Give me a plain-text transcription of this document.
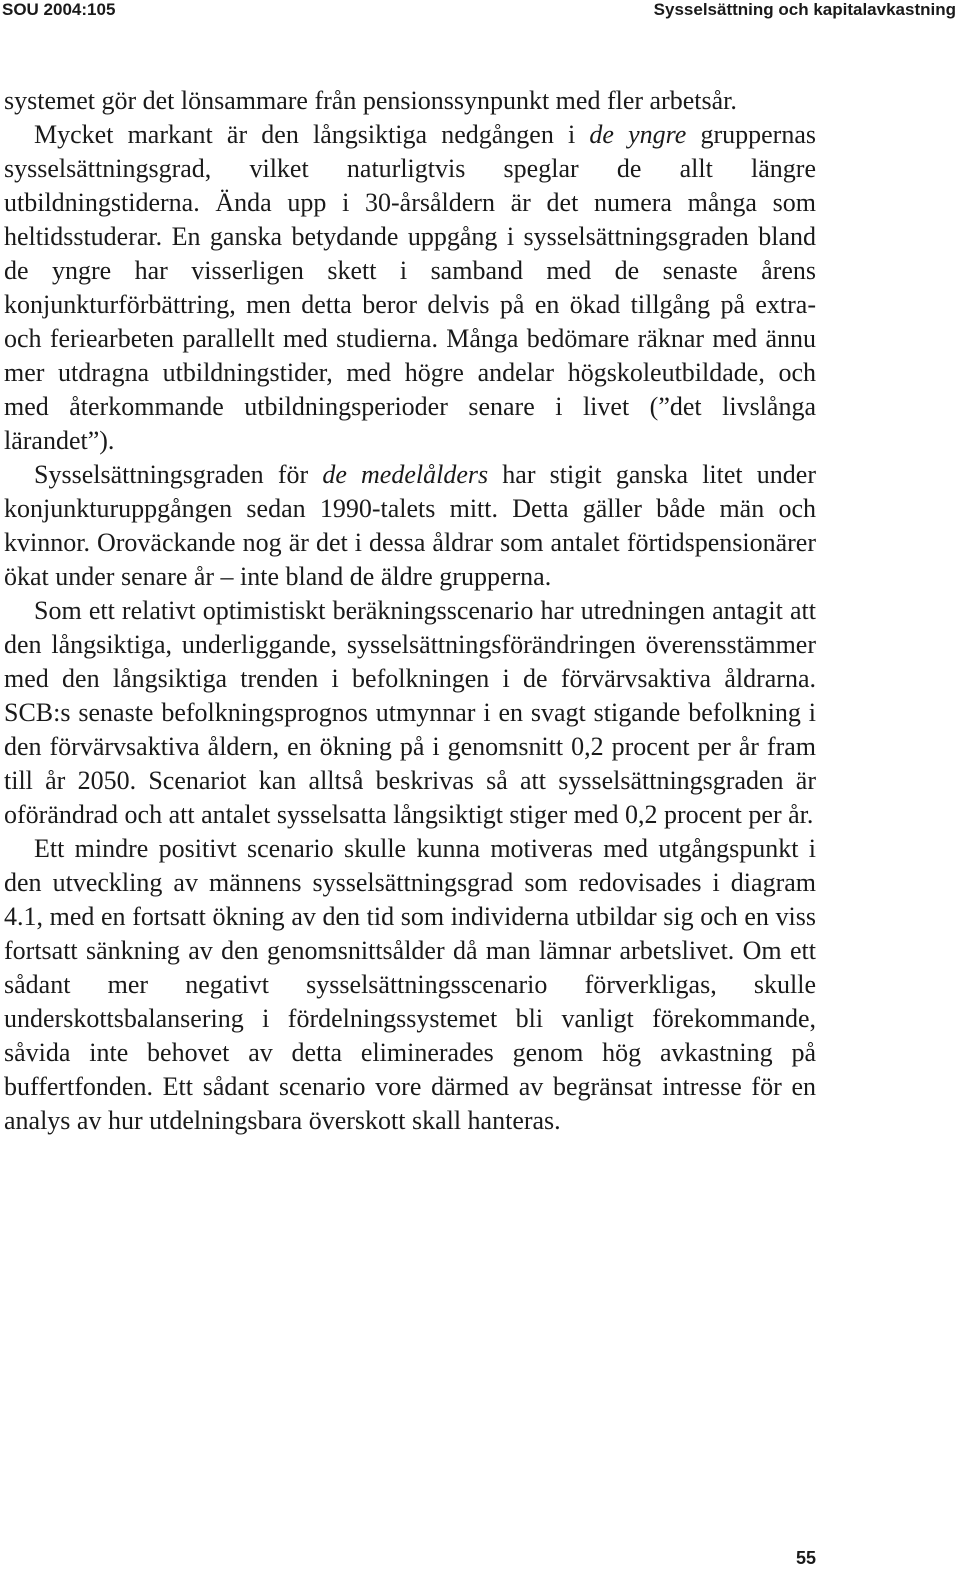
SOU 2004:105	Sysselsättning och kapitalavkastning

systemet gör det lönsammare från pensionssynpunkt med fler arbetsår.

Mycket markant är den långsiktiga nedgången i de yngre gruppernas sysselsättningsgrad, vilket naturligtvis speglar de allt längre utbildningstiderna. Ända upp i 30-årsåldern är det numera många som heltidsstuderar. En ganska betydande uppgång i sysselsättningsgraden bland de yngre har visserligen skett i samband med de senaste årens konjunkturförbättring, men detta beror delvis på en ökad tillgång på extra- och feriearbeten parallellt med studierna. Många bedömare räknar med ännu mer utdragna utbildningstider, med högre andelar högskoleutbildade, och med återkommande utbildningsperioder senare i livet (”det livslånga lärandet”).

Sysselsättningsgraden för de medelålders har stigit ganska litet under konjunkturuppgången sedan 1990-talets mitt. Detta gäller både män och kvinnor. Oroväckande nog är det i dessa åldrar som antalet förtidspensionärer ökat under senare år – inte bland de äldre grupperna.

Som ett relativt optimistiskt beräkningsscenario har utredningen antagit att den långsiktiga, underliggande, sysselsättningsförändringen överensstämmer med den långsiktiga trenden i befolkningen i de förvärvsaktiva åldrarna. SCB:s senaste befolkningsprognos utmynnar i en svagt stigande befolkning i den förvärvsaktiva åldern, en ökning på i genomsnitt 0,2 procent per år fram till år 2050. Scenariot kan alltså beskrivas så att sysselsättningsgraden är oförändrad och att antalet sysselsatta långsiktigt stiger med 0,2 procent per år.

Ett mindre positivt scenario skulle kunna motiveras med utgångspunkt i den utveckling av männens sysselsättningsgrad som redovisades i diagram 4.1, med en fortsatt ökning av den tid som individerna utbildar sig och en viss fortsatt sänkning av den genomsnittsålder då man lämnar arbetslivet. Om ett sådant mer negativt sysselsättningsscenario förverkligas, skulle underskottsbalansering i fördelningssystemet bli vanligt förekommande, såvida inte behovet av detta eliminerades genom hög avkastning på buffertfonden. Ett sådant scenario vore därmed av begränsat intresse för en analys av hur utdelningsbara överskott skall hanteras.

55
